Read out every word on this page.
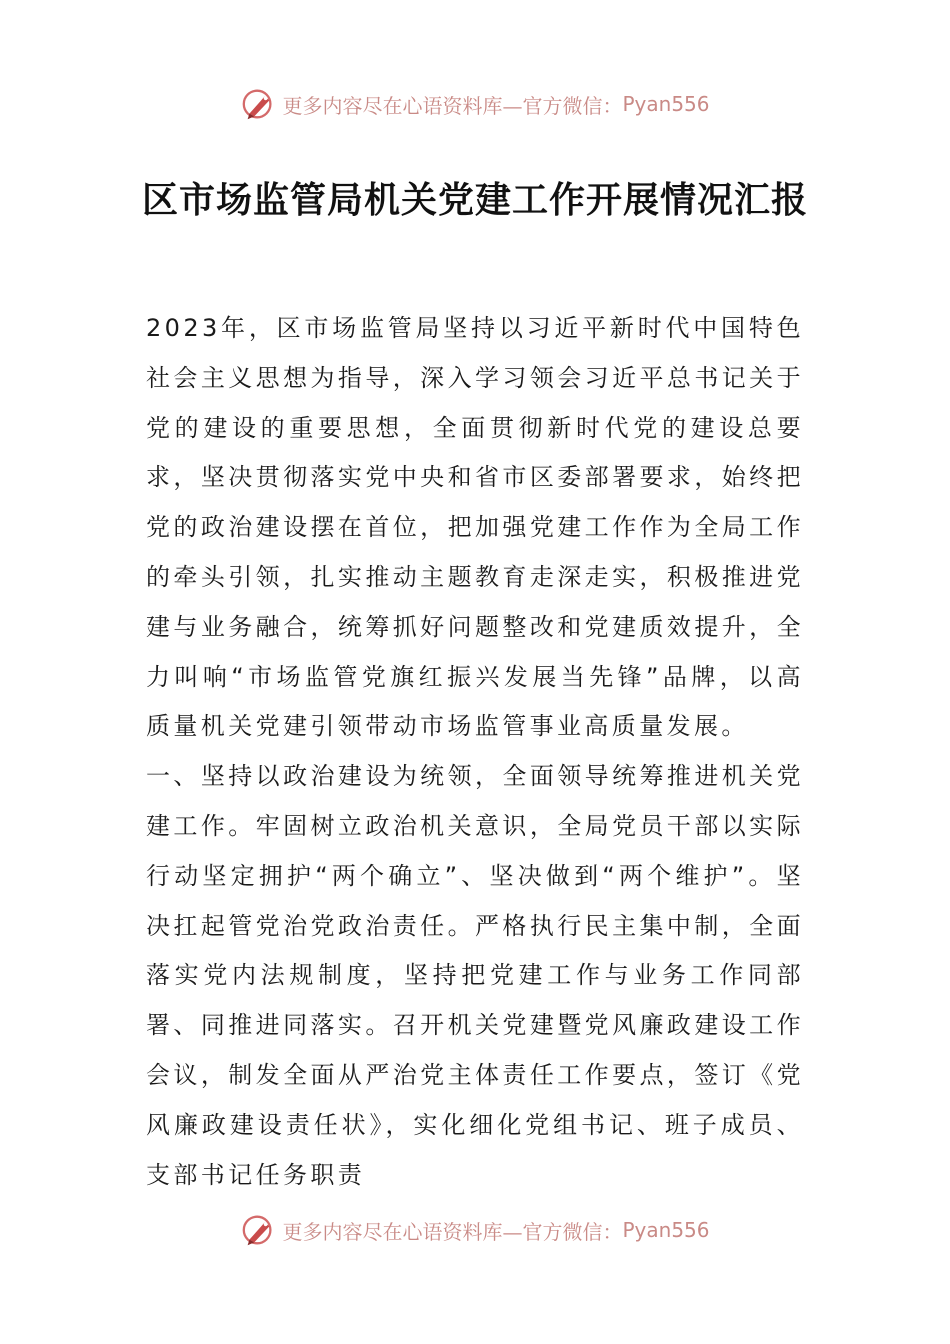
更多内容尽在心语资料库—官方微信： Pyan556
区市场监管局机关党建工作开展情况汇报

2023年，区市场监管局坚持以习近平新时代中国特色社会主义思想为指导，深入学习领会习近平总书记关于党的建设的重要思想，全面贯彻新时代党的建设总要求，坚决贯彻落实党中央和省市区委部署要求，始终把党的政治建设摆在首位，把加强党建工作作为全局工作的牵头引领，扎实推动主题教育走深走实，积极推进党建与业务融合，统筹抓好问题整改和党建质效提升，全力叫响“市场监管党旗红振兴发展当先锋”品牌，以高质量机关党建引领带动市场监管事业高质量发展。

一、坚持以政治建设为统领，全面领导统筹推进机关党建工作。牢固树立政治机关意识，全局党员干部以实际行动坚定拥护“两个确立”、坚决做到“两个维护”。坚决扛起管党治党政治责任。严格执行民主集中制，全面落实党内法规制度，坚持把党建工作与业务工作同部署、同推进同落实。召开机关党建暨党风廉政建设工作会议，制发全面从严治党主体责任工作要点，签订《党风廉政建设责任状》，实化细化党组书记、班子成员、支部书记任务职责

更多内容尽在心语资料库—官方微信： Pyan556
